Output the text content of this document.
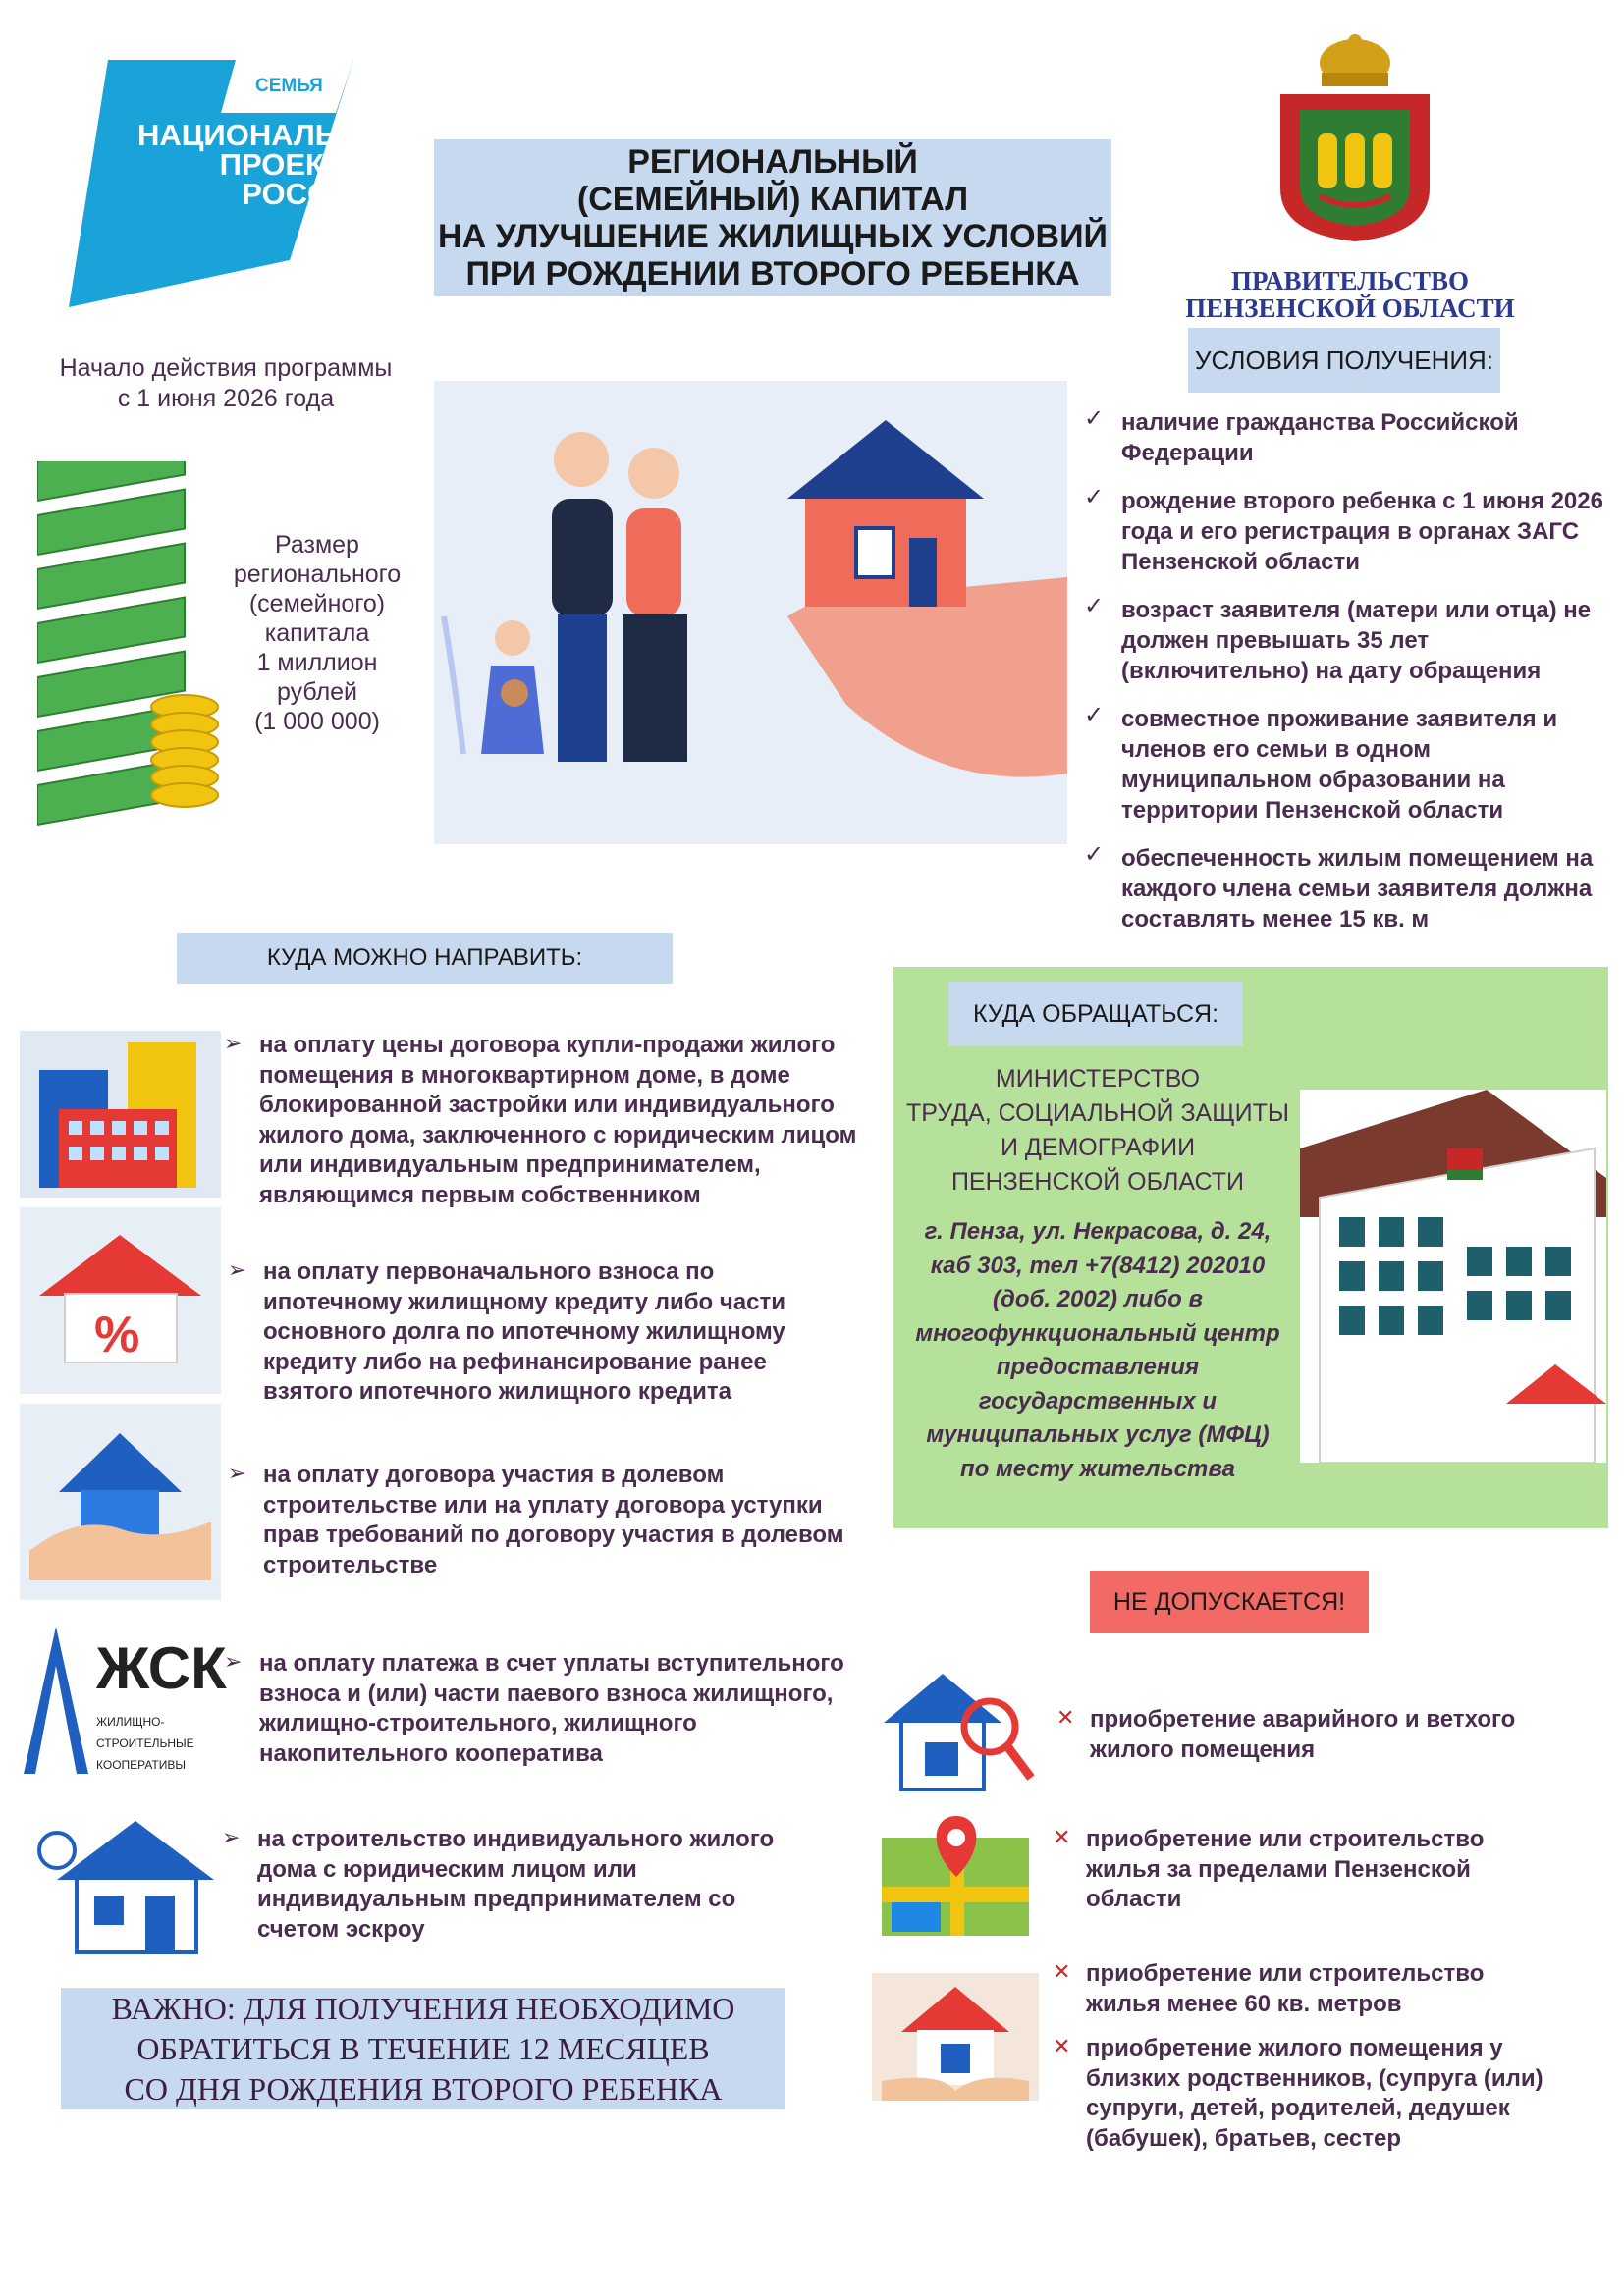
СЕМЬЯ
НАЦИОНАЛЬНЫЕ
ПРОЕКТЫ
РОССИИ
РЕГИОНАЛЬНЫЙ
(СЕМЕЙНЫЙ) КАПИТАЛ
НА УЛУЧШЕНИЕ ЖИЛИЩНЫХ УСЛОВИЙ
ПРИ РОЖДЕНИИ ВТОРОГО РЕБЕНКА	ПРАВИТЕЛЬСТВО
ПЕНЗЕНСКОЙ ОБЛАСТИ
Начало действия программы
с 1 июня 2026 года
Размер
регионального
(семейного)
капитала
1 миллион
рублей
(1 000 000)
УСЛОВИЯ ПОЛУЧЕНИЯ:
✓ наличие гражданства Российской Федерации
✓ рождение второго ребенка с 1 июня 2026 года и его регистрация в органах ЗАГС Пензенской области
✓ возраст заявителя (матери или отца) не должен превышать 35 лет (включительно) на дату обращения
✓ совместное проживание заявителя и членов его семьи в одном муниципальном образовании на территории Пензенской области
✓ обеспеченность жилым помещением на каждого члена семьи заявителя должна составлять менее 15 кв. м
КУДА МОЖНО НАПРАВИТЬ:
%
ЖСК
ЖИЛИЩНО-СТРОИТЕЛЬНЫЕ
КООПЕРАТИВЫ
➢ на оплату цены договора купли-продажи жилого помещения в многоквартирном доме, в доме блокированной застройки или индивидуального жилого дома, заключенного с юридическим лицом или индивидуальным предпринимателем, являющимся первым собственником
➢ на оплату первоначального взноса по ипотечному жилищному кредиту либо части основного долга по ипотечному жилищному кредиту либо на рефинансирование ранее взятого ипотечного жилищного кредита
➢ на оплату договора участия в долевом строительстве или на уплату договора уступки прав требований по договору участия в долевом строительстве
➢ на оплату платежа в счет уплаты вступительного взноса и (или) части паевого взноса жилищного, жилищно-строительного, жилищного накопительного кооператива
➢ на строительство индивидуального жилого дома с юридическим лицом или индивидуальным предпринимателем со счетом эскроу
КУДА ОБРАЩАТЬСЯ:
МИНИСТЕРСТВО
ТРУДА, СОЦИАЛЬНОЙ ЗАЩИТЫ
И ДЕМОГРАФИИ
ПЕНЗЕНСКОЙ ОБЛАСТИ
г. Пенза, ул. Некрасова, д. 24,
каб 303, тел +7(8412) 202010
(доб. 2002) либо в
многофункциональный центр
предоставления
государственных и
муниципальных услуг (МФЦ)
по месту жительства
НЕ ДОПУСКАЕТСЯ!
✕ приобретение аварийного и ветхого жилого помещения
✕ приобретение или строительство жилья за пределами Пензенской области
✕ приобретение или строительство жилья менее 60 кв. метров
✕ приобретение жилого помещения у близких родственников, (супруга (или) супруги, детей, родителей, дедушек (бабушек), братьев, сестер
ВАЖНО: ДЛЯ ПОЛУЧЕНИЯ НЕОБХОДИМО
ОБРАТИТЬСЯ В ТЕЧЕНИЕ 12 МЕСЯЦЕВ
СО ДНЯ РОЖДЕНИЯ ВТОРОГО РЕБЕНКА
